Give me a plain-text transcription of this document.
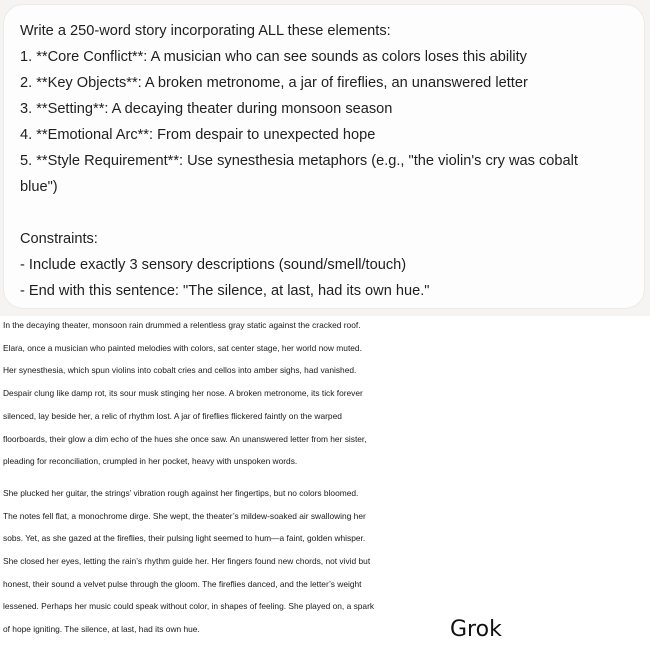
Write a 250-word story incorporating ALL these elements:
1. **Core Conflict**: A musician who can see sounds as colors loses this ability
2. **Key Objects**: A broken metronome, a jar of fireflies, an unanswered letter
3. **Setting**: A decaying theater during monsoon season
4. **Emotional Arc**: From despair to unexpected hope
5. **Style Requirement**: Use synesthesia metaphors (e.g., "the violin's cry was cobalt
blue")
Constraints:
- Include exactly 3 sensory descriptions (sound/smell/touch)
- End with this sentence: "The silence, at last, had its own hue."

In the decaying theater, monsoon rain drummed a relentless gray static against the cracked roof.
Elara, once a musician who painted melodies with colors, sat center stage, her world now muted.
Her synesthesia, which spun violins into cobalt cries and cellos into amber sighs, had vanished.
Despair clung like damp rot, its sour musk stinging her nose. A broken metronome, its tick forever
silenced, lay beside her, a relic of rhythm lost. A jar of fireflies flickered faintly on the warped
floorboards, their glow a dim echo of the hues she once saw. An unanswered letter from her sister,
pleading for reconciliation, crumpled in her pocket, heavy with unspoken words.

She plucked her guitar, the strings’ vibration rough against her fingertips, but no colors bloomed.
The notes fell flat, a monochrome dirge. She wept, the theater’s mildew-soaked air swallowing her
sobs. Yet, as she gazed at the fireflies, their pulsing light seemed to hum—a faint, golden whisper.
She closed her eyes, letting the rain’s rhythm guide her. Her fingers found new chords, not vivid but
honest, their sound a velvet pulse through the gloom. The fireflies danced, and the letter’s weight
lessened. Perhaps her music could speak without color, in shapes of feeling. She played on, a spark
of hope igniting. The silence, at last, had its own hue.	Grok
